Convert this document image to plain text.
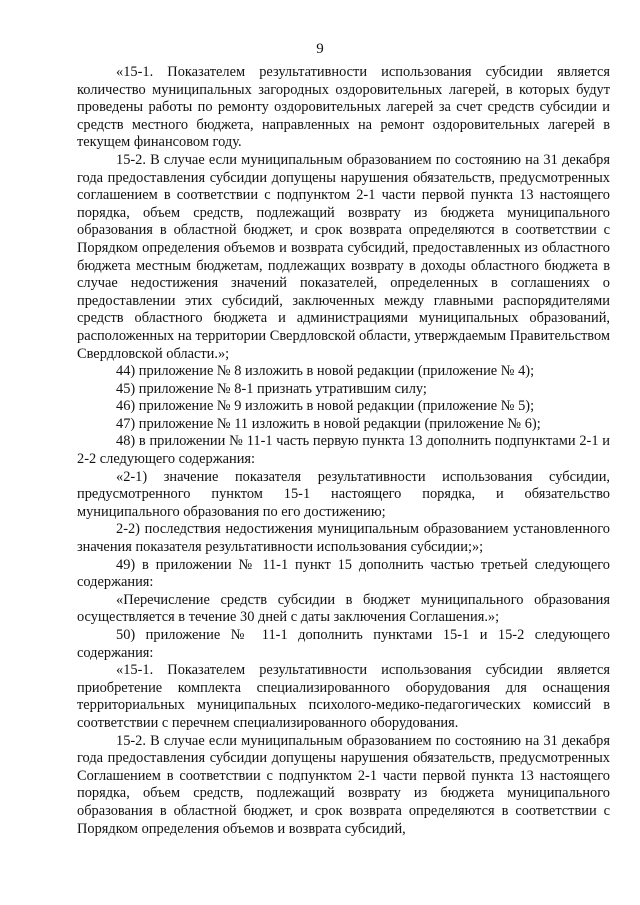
9

«15-1. Показателем результативности использования субсидии является количество муниципальных загородных оздоровительных лагерей, в которых будут проведены работы по ремонту оздоровительных лагерей за счет средств субсидии и средств местного бюджета, направленных на ремонт оздоровительных лагерей в текущем финансовом году.

15-2. В случае если муниципальным образованием по состоянию на 31 декабря года предоставления субсидии допущены нарушения обязательств, предусмотренных соглашением в соответствии с подпунктом 2-1 части первой пункта 13 настоящего порядка, объем средств, подлежащий возврату из бюджета муниципального образования в областной бюджет, и срок возврата определяются в соответствии с Порядком определения объемов и возврата субсидий, предоставленных из областного бюджета местным бюджетам, подлежащих возврату в доходы областного бюджета в случае недостижения значений показателей, определенных в соглашениях о предоставлении этих субсидий, заключенных между главными распорядителями средств областного бюджета и администрациями муниципальных образований, расположенных на территории Свердловской области, утверждаемым Правительством Свердловской области.»;

44) приложение № 8 изложить в новой редакции (приложение № 4);

45) приложение № 8-1 признать утратившим силу;

46) приложение № 9 изложить в новой редакции (приложение № 5);

47) приложение № 11 изложить в новой редакции (приложение № 6);

48) в приложении № 11-1 часть первую пункта 13 дополнить подпунктами 2-1 и 2-2 следующего содержания:

«2-1) значение показателя результативности использования субсидии, предусмотренного пунктом 15-1 настоящего порядка, и обязательство муниципального образования по его достижению;

2-2) последствия недостижения муниципальным образованием установленного значения показателя результативности использования субсидии;»;

49) в приложении № 11-1 пункт 15 дополнить частью третьей следующего содержания:

«Перечисление средств субсидии в бюджет муниципального образования осуществляется в течение 30 дней с даты заключения Соглашения.»;

50) приложение № 11-1 дополнить пунктами 15-1 и 15-2 следующего содержания:

«15-1. Показателем результативности использования субсидии является приобретение комплекта специализированного оборудования для оснащения территориальных муниципальных психолого-медико-педагогических комиссий в соответствии с перечнем специализированного оборудования.

15-2. В случае если муниципальным образованием по состоянию на 31 декабря года предоставления субсидии допущены нарушения обязательств, предусмотренных Соглашением в соответствии с подпунктом 2-1 части первой пункта 13 настоящего порядка, объем средств, подлежащий возврату из бюджета муниципального образования в областной бюджет, и срок возврата определяются в соответствии с Порядком определения объемов и возврата субсидий,
